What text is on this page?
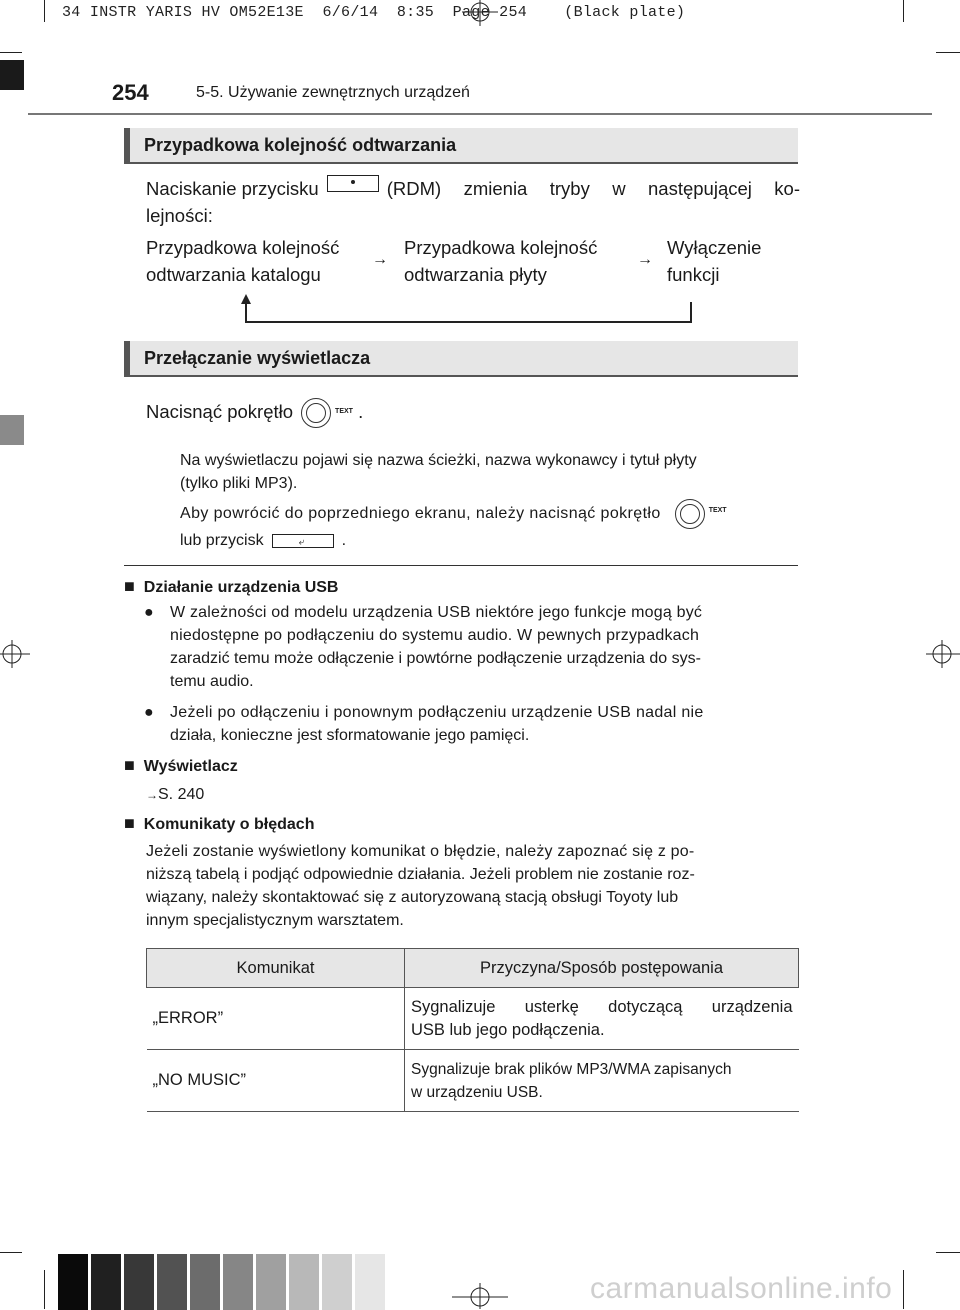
34 INSTR YARIS HV OM52E13E  6/6/14  8:35  Page 254    (Black plate)
254	5-5. Używanie zewnętrznych urządzeń
Przypadkowa kolejność odtwarzania
Naciskanie przycisku	(RDM) zmienia tryby w następującej ko-
lejności:
Przypadkowa kolejność
odtwarzania katalogu
→
Przypadkowa kolejność
odtwarzania płyty
→
Wyłączenie
funkcji
Przełączanie wyświetlacza
Nacisnąć pokrętło	$^{TEXT}$ .
Na wyświetlaczu pojawi się nazwa ścieżki, nazwa wykonawcy i tytuł płyty
(tylko pliki MP3).
Aby powrócić do poprzedniego ekranu, należy nacisnąć pokrętło	$^{TEXT}$
lub przycisk	⤶ .
■ Działanie urządzenia USB
● W zależności od modelu urządzenia USB niektóre jego funkcje mogą być
niedostępne po podłączeniu do systemu audio. W pewnych przypadkach
zaradzić temu może odłączenie i powtórne podłączenie urządzenia do sys-
temu audio.
● Jeżeli po odłączeniu i ponownym podłączeniu urządzenie USB nadal nie
działa, konieczne jest sformatowanie jego pamięci.
■ Wyświetlacz
→S. 240
■ Komunikaty o błędach
Jeżeli zostanie wyświetlony komunikat o błędzie, należy zapoznać się z po-
niższą tabelą i podjąć odpowiednie działania. Jeżeli problem nie zostanie roz-
wiązany, należy skontaktować się z autoryzowaną stacją obsługi Toyoty lub
innym specjalistycznym warsztatem.
Komunikat	Przyczyna/Sposób postępowania
„ERROR”	Sygnalizuje usterkę dotyczącą urządzenia
USB lub jego podłączenia.

„NO MUSIC”	Sygnalizuje brak plików MP3/WMA zapisanych
w urządzeniu USB.
carmanualsonline.info
